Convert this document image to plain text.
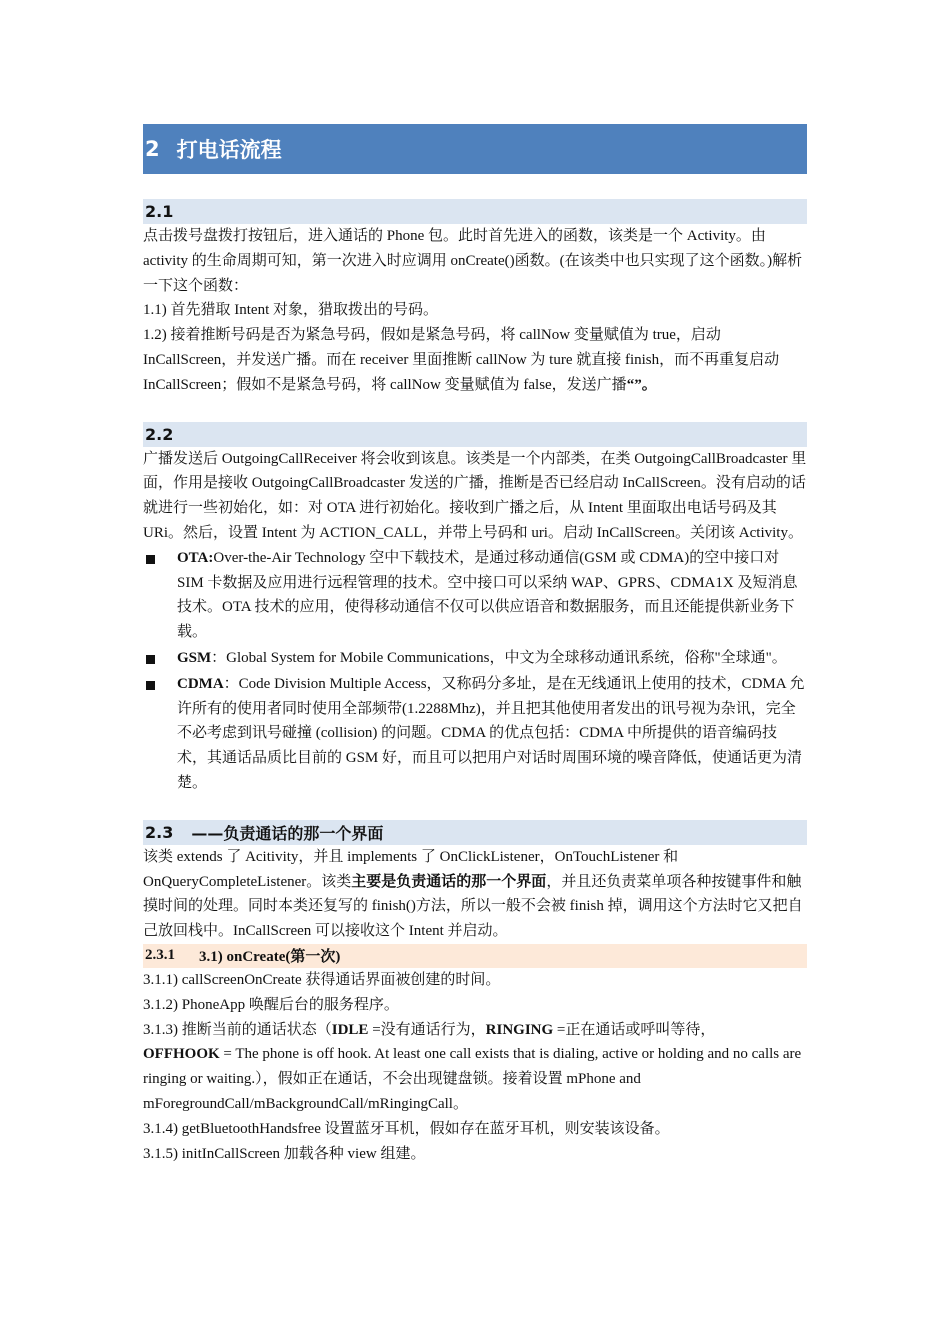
2 打电话流程
2.1

点击拨号盘拨打按钮后，进入通话的 Phone 包。此时首先进入的函数，该类是一个 Activity。由 activity 的生命周期可知，第一次进入时应调用 onCreate()函数。(在该类中也只实现了这个函数。)解析一下这个函数：

1.1) 首先猎取 Intent 对象，猎取拨出的号码。

1.2) 接着推断号码是否为紧急号码，假如是紧急号码，将 callNow 变量赋值为 true，启动 InCallScreen，并发送广播。而在 receiver 里面推断 callNow 为 ture 就直接 finish，而不再重复启动 InCallScreen；假如不是紧急号码，将 callNow 变量赋值为 false，发送广播“”。

2.2

广播发送后 OutgoingCallReceiver 将会收到该息。该类是一个内部类，在类 OutgoingCallBroadcaster 里面，作用是接收 OutgoingCallBroadcaster 发送的广播，推断是否已经启动 InCallScreen。没有启动的话就进行一些初始化，如：对 OTA 进行初始化。接收到广播之后，从 Intent 里面取出电话号码及其 URi。然后，设置 Intent 为 ACTION_CALL，并带上号码和 uri。启动 InCallScreen。关闭该 Activity。

OTA:Over-the-Air Technology 空中下载技术，是通过移动通信(GSM 或 CDMA)的空中接口对 SIM 卡数据及应用进行远程管理的技术。空中接口可以采纳 WAP、GPRS、CDMA1X 及短消息技术。OTA 技术的应用，使得移动通信不仅可以供应语音和数据服务，而且还能提供新业务下载。
GSM：Global System for Mobile Communications，中文为全球移动通讯系统，俗称"全球通"。
CDMA：Code Division Multiple Access，又称码分多址，是在无线通讯上使用的技术，CDMA 允许所有的使用者同时使用全部频带(1.2288Mhz)，并且把其他使用者发出的讯号视为杂讯，完全不必考虑到讯号碰撞 (collision) 的问题。CDMA 的优点包括：CDMA 中所提供的语音编码技术，其通话品质比目前的 GSM 好，而且可以把用户对话时周围环境的噪音降低，使通话更为清楚。
2.3 ——负责通话的那一个界面

该类 extends 了 Acitivity，并且 implements 了 OnClickListener，OnTouchListener 和 OnQueryCompleteListener。该类主要是负责通话的那一个界面，并且还负责菜单项各种按键事件和触摸时间的处理。同时本类还复写的 finish()方法，所以一般不会被 finish 掉，调用这个方法时它又把自己放回栈中。InCallScreen 可以接收这个 Intent 并启动。

2.3.1 3.1) onCreate(第一次)

3.1.1) callScreenOnCreate 获得通话界面被创建的时间。

3.1.2) PhoneApp 唤醒后台的服务程序。

3.1.3) 推断当前的通话状态（IDLE =没有通话行为，RINGING =正在通话或呼叫等待，
OFFHOOK = The phone is off hook. At least one call exists that is dialing, active or holding and no calls are ringing or waiting.），假如正在通话，不会出现键盘锁。接着设置 mPhone and mForegroundCall/mBackgroundCall/mRingingCall。

3.1.4) getBluetoothHandsfree 设置蓝牙耳机，假如存在蓝牙耳机，则安装该设备。

3.1.5) initInCallScreen 加载各种 view 组建。
